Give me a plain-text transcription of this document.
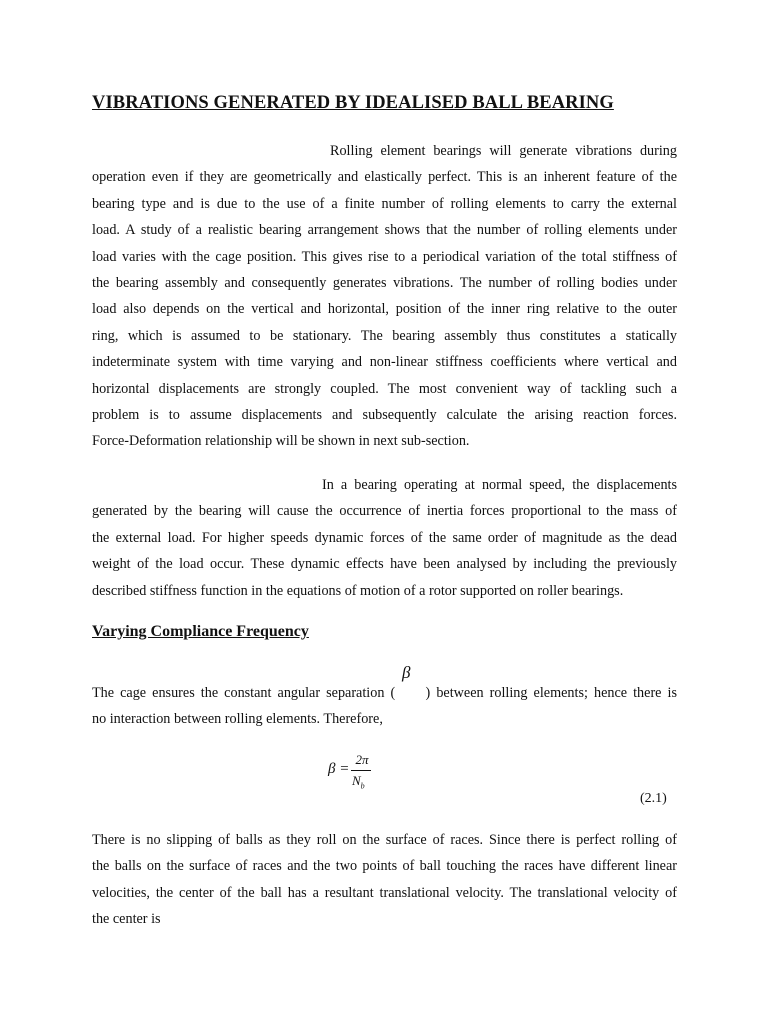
VIBRATIONS GENERATED BY IDEALISED BALL BEARING
Rolling element bearings will generate vibrations during
operation even if they are geometrically and elastically perfect. This is an inherent feature of the
bearing type and is due to the use of a finite number of rolling elements to carry the external
load. A study of a realistic bearing arrangement shows that the number of rolling elements under
load varies with the cage position. This gives rise to a periodical variation of the total stiffness of
the bearing assembly and consequently generates vibrations. The number of rolling bodies under
load also depends on the vertical and horizontal, position of the inner ring relative to the outer
ring, which is assumed to be stationary. The bearing assembly thus constitutes a statically
indeterminate system with time varying and non-linear stiffness coefficients where vertical and
horizontal displacements are strongly coupled. The most convenient way of tackling such a
problem is to assume displacements and subsequently calculate the arising reaction forces.
Force-Deformation relationship will be shown in next sub-section.
In a bearing operating at normal speed, the displacements
generated by the bearing will cause the occurrence of inertia forces proportional to the mass of
the external load. For higher speeds dynamic forces of the same order of magnitude as the dead
weight of the load occur. These dynamic effects have been analysed by including the previously
described stiffness function in the equations of motion of a rotor supported on roller bearings.
Varying Compliance Frequency
β
The cage ensures the constant angular separation (     ) between rolling elements; hence there is
no interaction between rolling elements. Therefore,
β =
2π
$N_b$
(2.1)
There is no slipping of balls as they roll on the surface of races. Since there is perfect rolling of
the balls on the surface of races and the two points of ball touching the races have different linear
velocities, the center of the ball has a resultant translational velocity. The translational velocity of
the center is
